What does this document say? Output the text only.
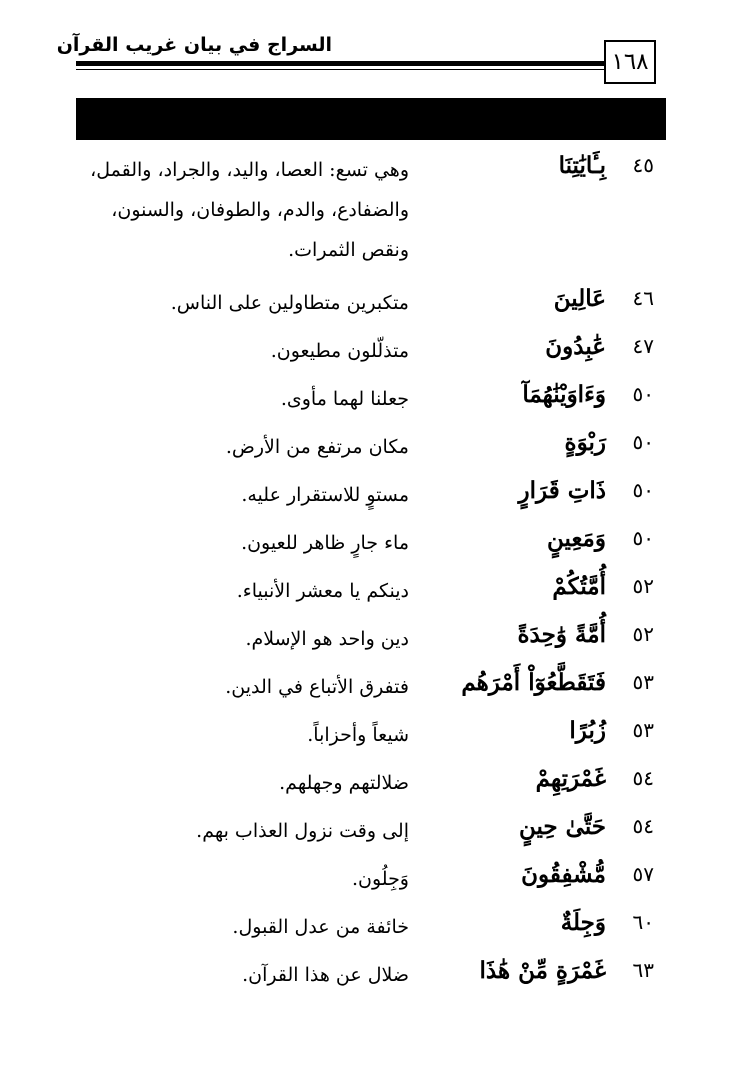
السراج في بيان غريب القرآن
١٦٨
٤٥
بِـَٔايَٰتِنَا
وهي تسع: العصا، واليد، والجراد، والقمل، والضفادع، والدم، والطوفان، والسنون، ونقص الثمرات.
٤٦
عَالِينَ
متكبرين متطاولين على الناس.
٤٧
عَٰبِدُونَ
متذلّلون مطيعون.
٥٠
وَءَاوَيْنَٰهُمَآ
جعلنا لهما مأوى.
٥٠
رَبْوَةٍ
مكان مرتفع من الأرض.
٥٠
ذَاتِ قَرَارٍ
مستوٍ للاستقرار عليه.
٥٠
وَمَعِينٍ
ماء جارٍ ظاهر للعيون.
٥٢
أُمَّتُكُمْ
دينكم يا معشر الأنبياء.
٥٢
أُمَّةً وَٰحِدَةً
دين واحد هو الإسلام.
٥٣
فَتَقَطَّعُوٓاْ أَمْرَهُم
فتفرق الأتباع في الدين.
٥٣
زُبُرًا
شيعاً وأحزاباً.
٥٤
غَمْرَتِهِمْ
ضلالتهم وجهلهم.
٥٤
حَتَّىٰ حِينٍ
إلى وقت نزول العذاب بهم.
٥٧
مُّشْفِقُونَ
وَجِلُون.
٦٠
وَجِلَةٌ
خائفة من عدل القبول.
٦٣
غَمْرَةٍ مِّنْ هَٰذَا
ضلال عن هذا القرآن.
